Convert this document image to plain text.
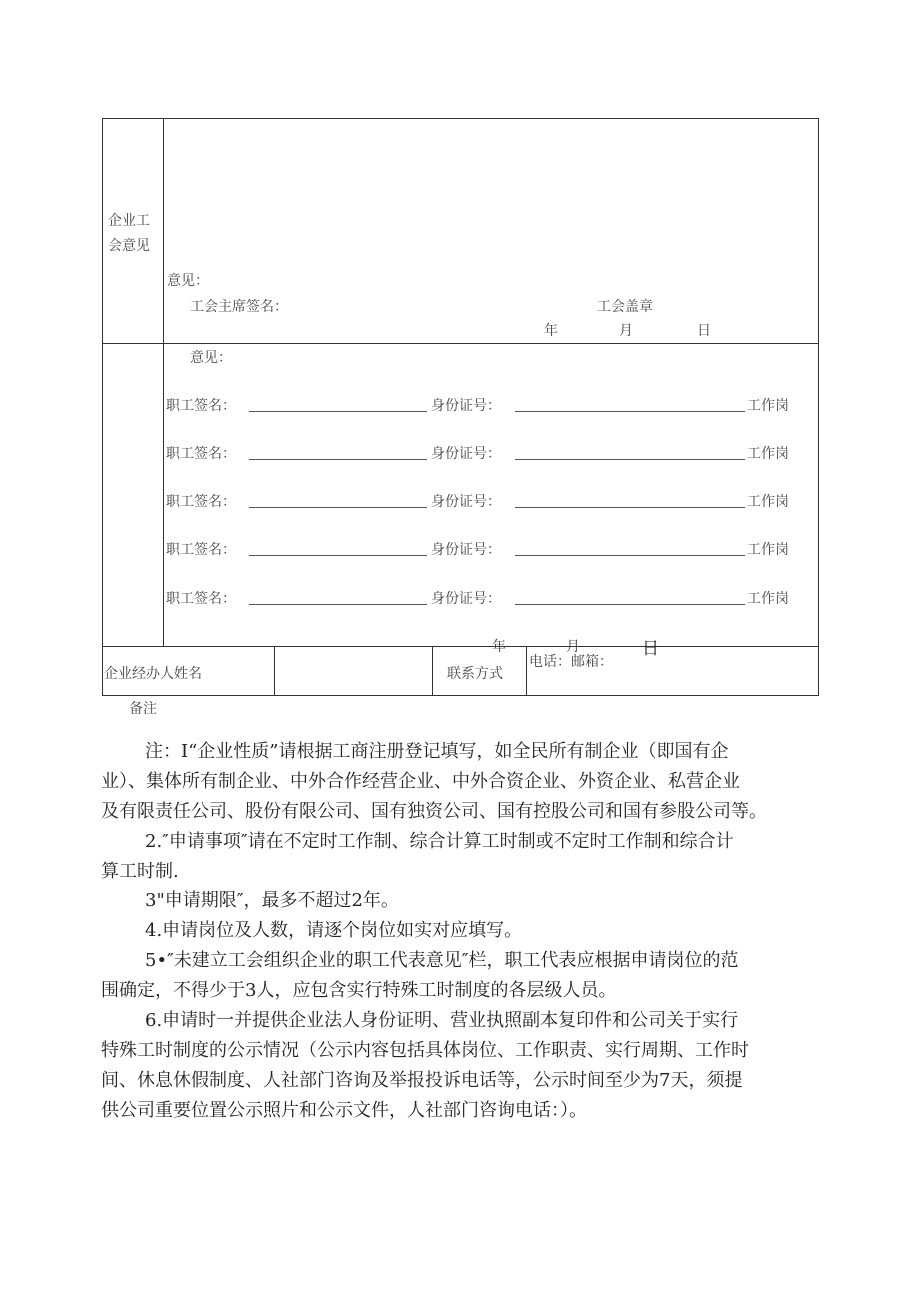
企业工
会意见
意见：
工会主席签名：	工会盖章
年	月	日
意见：
职工签名：	身份证号：	工作岗
职工签名：	身份证号：	工作岗
职工签名：	身份证号：	工作岗
职工签名：	身份证号：	工作岗
职工签名：	身份证号：	工作岗
年	月	日
企业经办人姓名	联系方式
电话：邮箱：
备注
注：I“企业性质”请根据工商注册登记填写，如全民所有制企业（即国有企
业）、集体所有制企业、中外合作经营企业、中外合资企业、外资企业、私营企业
及有限责任公司、股份有限公司、国有独资公司、国有控股公司和国有参股公司等。
2.″申请事项″请在不定时工作制、综合计算工时制或不定时工作制和综合计
算工时制.
3"申请期限″，最多不超过2年。
4.申请岗位及人数，请逐个岗位如实对应填写。
5•″未建立工会组织企业的职工代表意见″栏，职工代表应根据申请岗位的范
围确定，不得少于3人，应包含实行特殊工时制度的各层级人员。
6.申请时一并提供企业法人身份证明、营业执照副本复印件和公司关于实行
特殊工时制度的公示情况（公示内容包括具体岗位、工作职责、实行周期、工作时
间、休息休假制度、人社部门咨询及举报投诉电话等，公示时间至少为7天，须提
供公司重要位置公示照片和公示文件，人社部门咨询电话：）。
